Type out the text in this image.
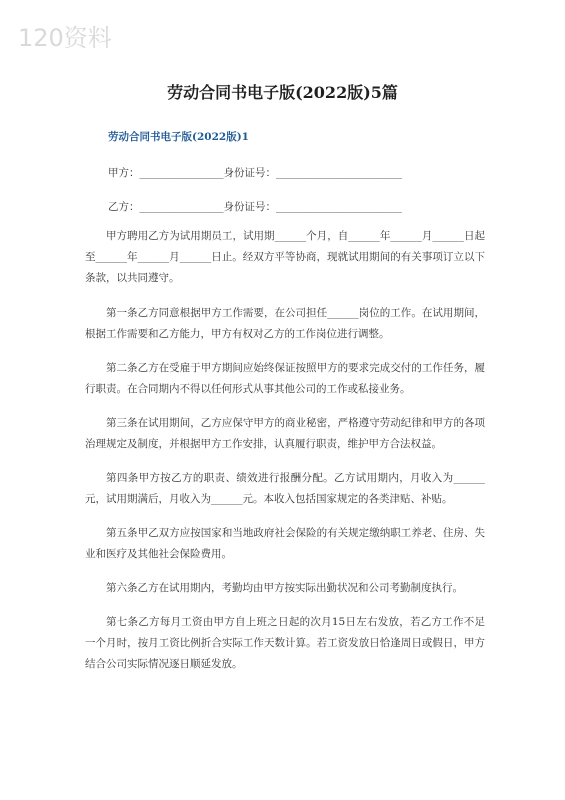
120资料
劳动合同书电子版(2022版)5篇
劳动合同书电子版(2022版)1
甲方：________________身份证号：________________________
乙方：________________身份证号：________________________
甲方聘用乙方为试用期员工，试用期______个月，自______年______月______日起至______年______月______日止。经双方平等协商，现就试用期间的有关事项订立以下条款，以共同遵守。
第一条乙方同意根据甲方工作需要，在公司担任______岗位的工作。在试用期间，根据工作需要和乙方能力，甲方有权对乙方的工作岗位进行调整。
第二条乙方在受雇于甲方期间应始终保证按照甲方的要求完成交付的工作任务，履行职责。在合同期内不得以任何形式从事其他公司的工作或私接业务。
第三条在试用期间，乙方应保守甲方的商业秘密，严格遵守劳动纪律和甲方的各项治理规定及制度，并根据甲方工作安排，认真履行职责，维护甲方合法权益。
第四条甲方按乙方的职责、绩效进行报酬分配。乙方试用期内，月收入为______元，试用期满后，月收入为______元。本收入包括国家规定的各类津贴、补贴。
第五条甲乙双方应按国家和当地政府社会保险的有关规定缴纳职工养老、住房、失业和医疗及其他社会保险费用。
第六条乙方在试用期内，考勤均由甲方按实际出勤状况和公司考勤制度执行。
第七条乙方每月工资由甲方自上班之日起的次月15日左右发放，若乙方工作不足一个月时，按月工资比例折合实际工作天数计算。若工资发放日恰逢周日或假日，甲方结合公司实际情况逐日顺延发放。
